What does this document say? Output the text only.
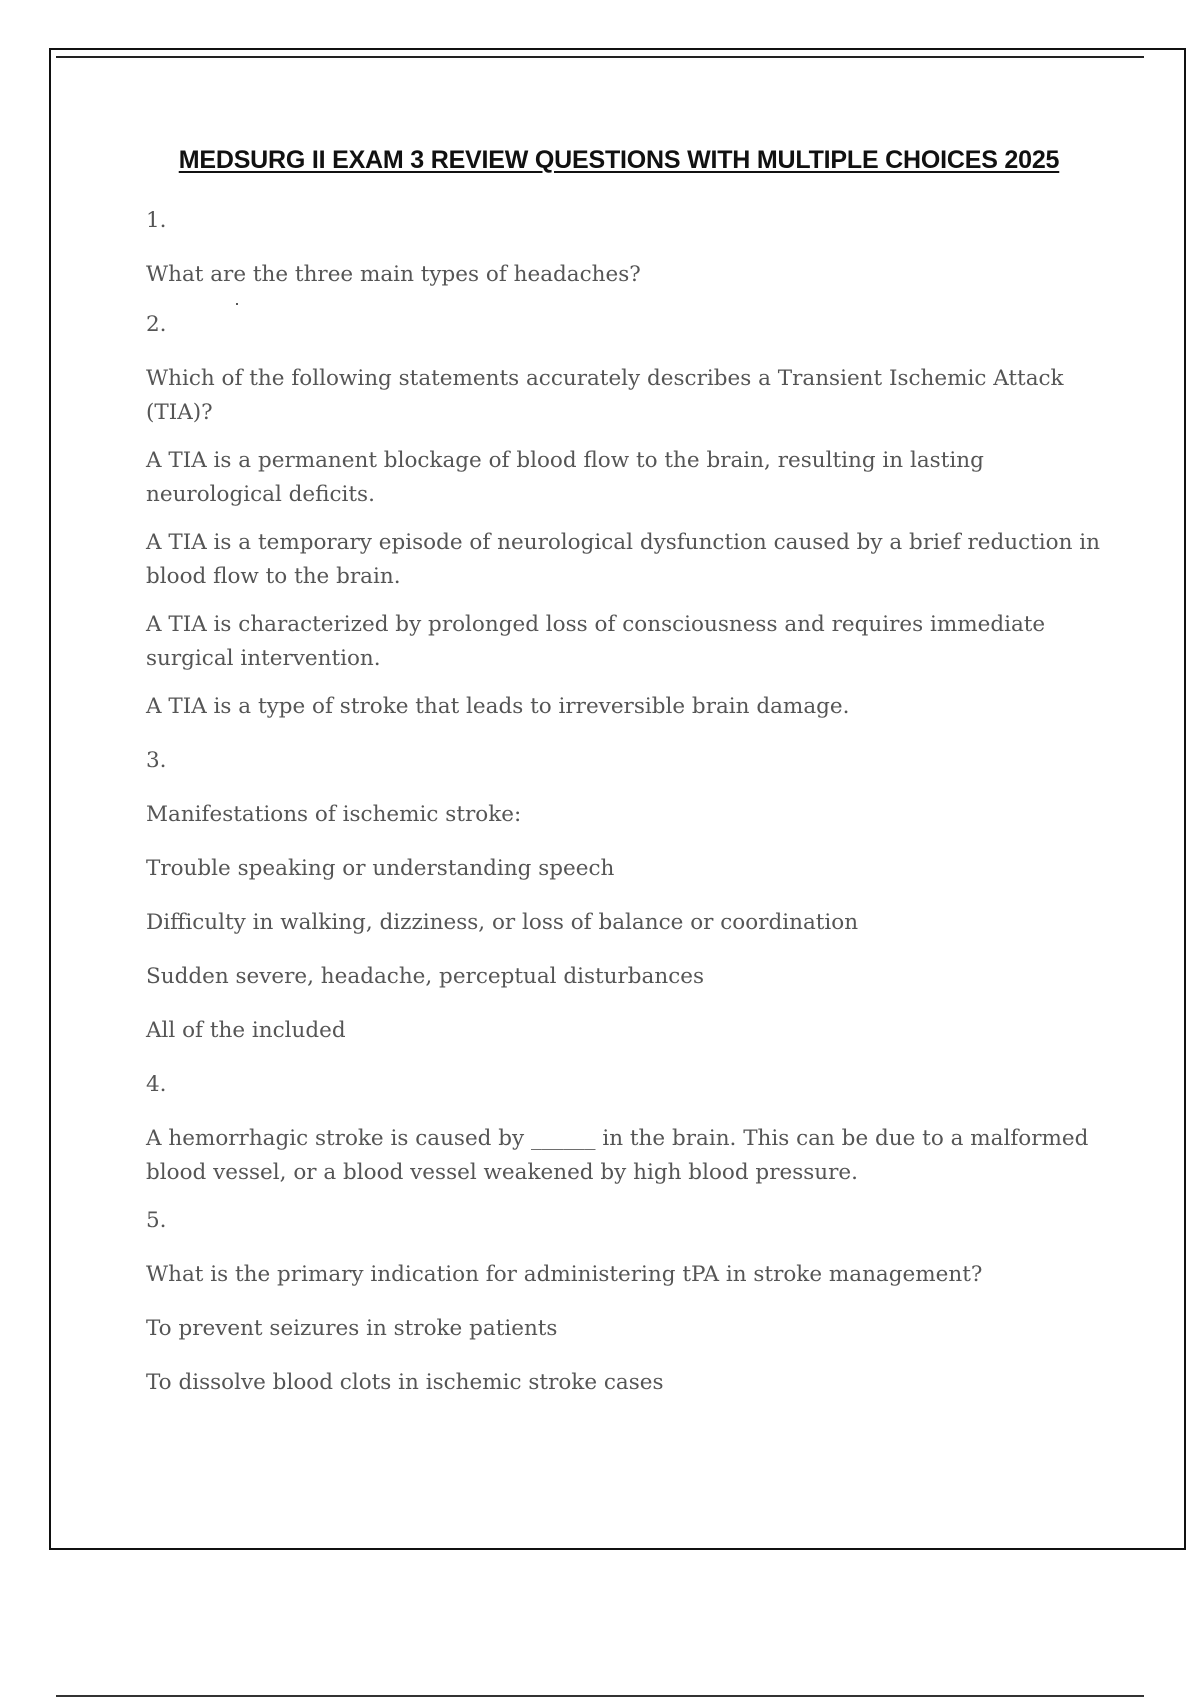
MEDSURG II EXAM 3 REVIEW QUESTIONS WITH MULTIPLE CHOICES 2025

1.

What are the three main types of headaches?

2.

Which of the following statements accurately describes a Transient Ischemic Attack (TIA)?

A TIA is a permanent blockage of blood flow to the brain, resulting in lasting neurological deficits.

A TIA is a temporary episode of neurological dysfunction caused by a brief reduction in blood flow to the brain.

A TIA is characterized by prolonged loss of consciousness and requires immediate surgical intervention.

A TIA is a type of stroke that leads to irreversible brain damage.

3.

Manifestations of ischemic stroke:

Trouble speaking or understanding speech

Difficulty in walking, dizziness, or loss of balance or coordination

Sudden severe, headache, perceptual disturbances

All of the included

4.

A hemorrhagic stroke is caused by ______ in the brain. This can be due to a malformed blood vessel, or a blood vessel weakened by high blood pressure.

5.

What is the primary indication for administering tPA in stroke management?

To prevent seizures in stroke patients

To dissolve blood clots in ischemic stroke cases
